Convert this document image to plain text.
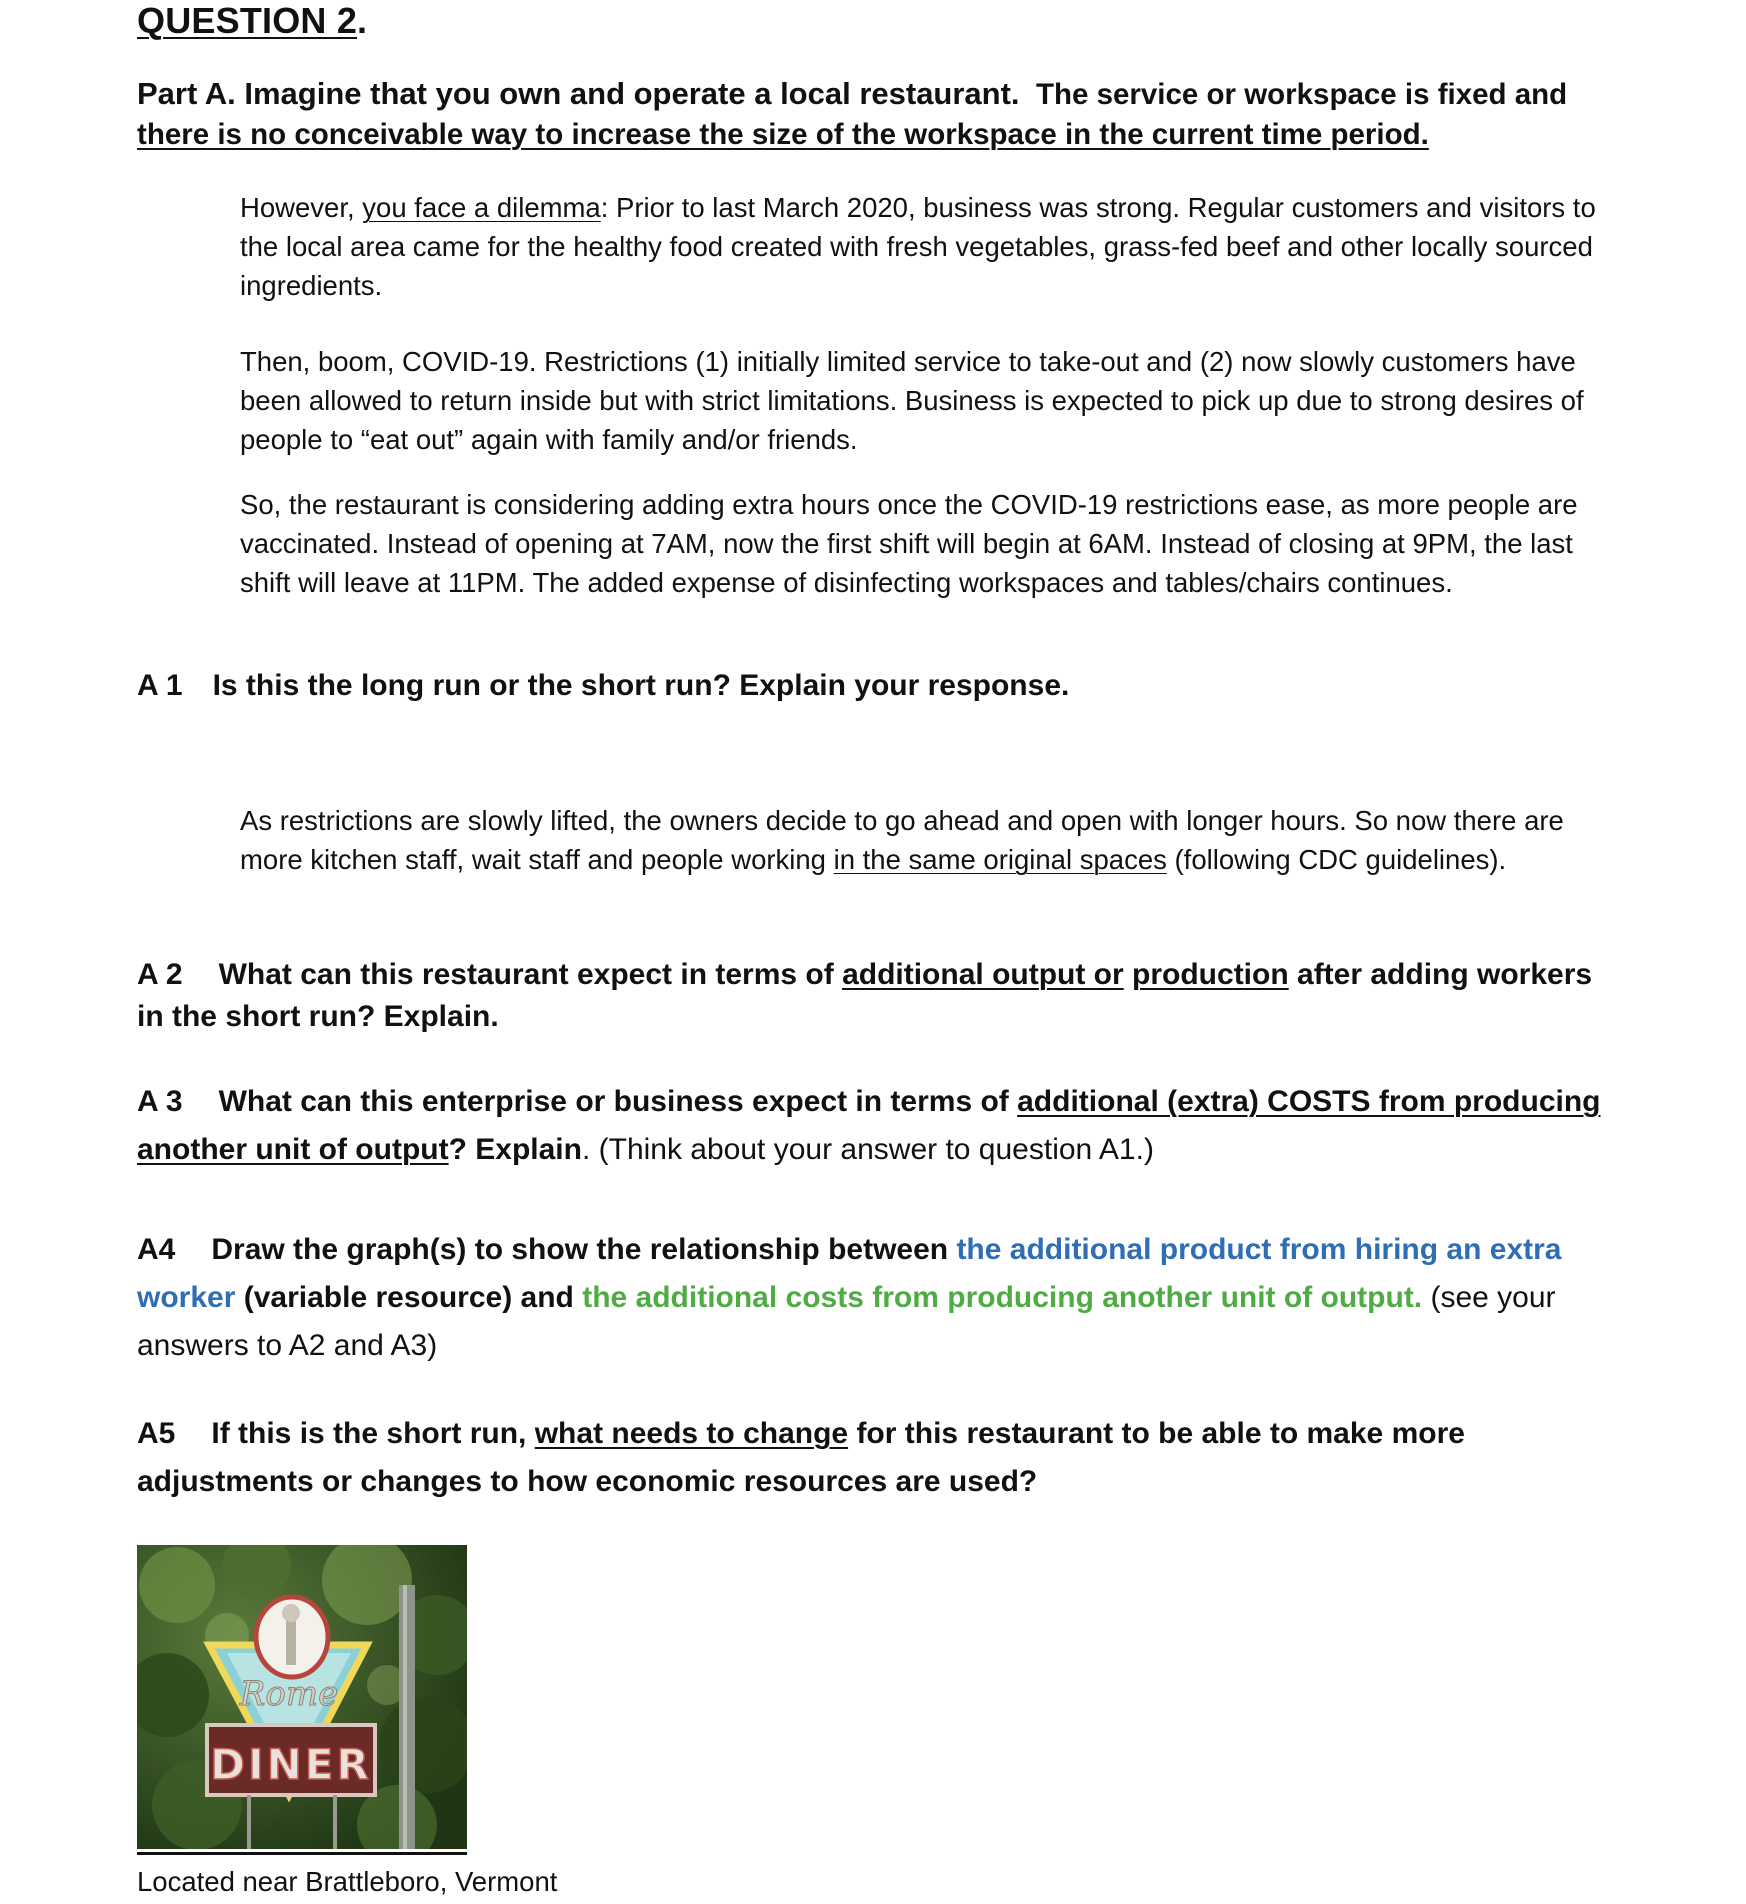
QUESTION 2.
Part A. Imagine that you own and operate a local restaurant. The service or workspace is fixed and there is no conceivable way to increase the size of the workspace in the current time period.
However, you face a dilemma: Prior to last March 2020, business was strong. Regular customers and visitors to the local area came for the healthy food created with fresh vegetables, grass-fed beef and other locally sourced ingredients.
Then, boom, COVID-19. Restrictions (1) initially limited service to take-out and (2) now slowly customers have been allowed to return inside but with strict limitations. Business is expected to pick up due to strong desires of people to “eat out” again with family and/or friends.
So, the restaurant is considering adding extra hours once the COVID-19 restrictions ease, as more people are vaccinated. Instead of opening at 7AM, now the first shift will begin at 6AM. Instead of closing at 9PM, the last shift will leave at 11PM. The added expense of disinfecting workspaces and tables/chairs continues.
A 1 Is this the long run or the short run? Explain your response.
As restrictions are slowly lifted, the owners decide to go ahead and open with longer hours. So now there are more kitchen staff, wait staff and people working in the same original spaces (following CDC guidelines).
A 2 What can this restaurant expect in terms of additional output or production after adding workers in the short run? Explain.
A 3 What can this enterprise or business expect in terms of additional (extra) COSTS from producing another unit of output? Explain. (Think about your answer to question A1.)
A4 Draw the graph(s) to show the relationship between the additional product from hiring an extra worker (variable resource) and the additional costs from producing another unit of output. (see your answers to A2 and A3)
A5 If this is the short run, what needs to change for this restaurant to be able to make more adjustments or changes to how economic resources are used?
Rome
DINER
Located near Brattleboro, Vermont
